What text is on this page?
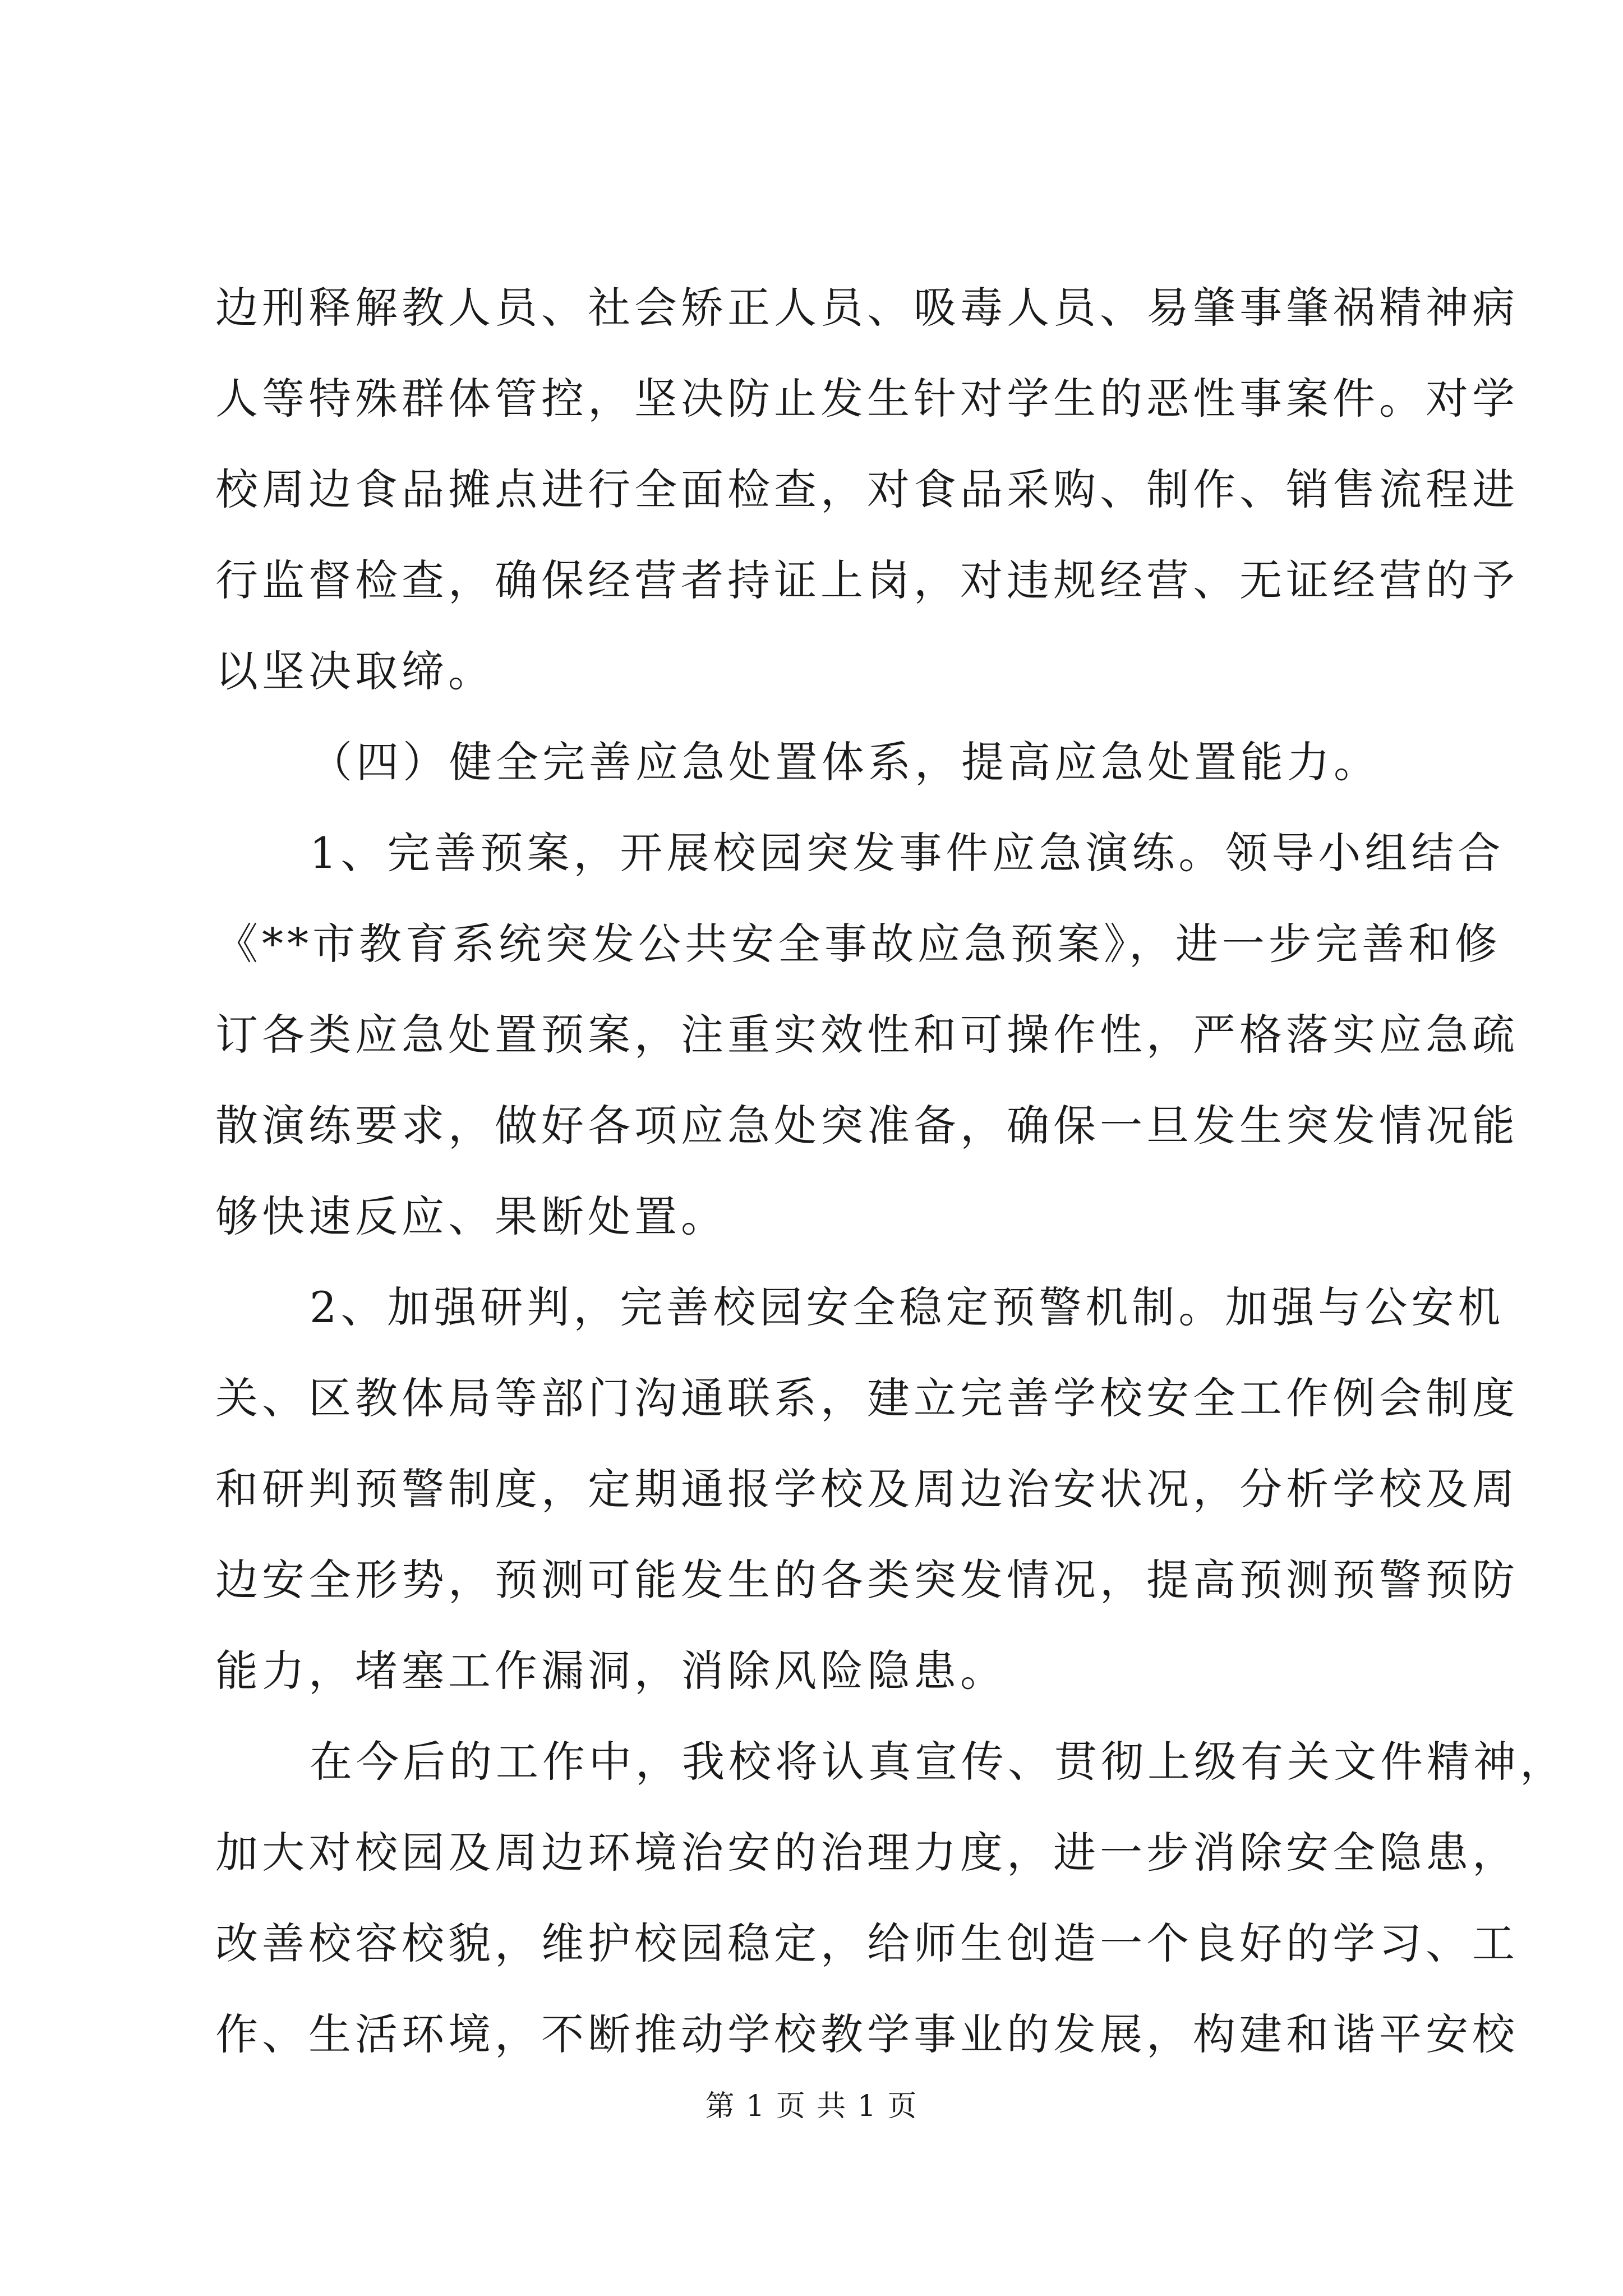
边刑释解教人员、社会矫正人员、吸毒人员、易肇事肇祸精神病
人等特殊群体管控，坚决防止发生针对学生的恶性事案件。对学
校周边食品摊点进行全面检查，对食品采购、制作、销售流程进
行监督检查，确保经营者持证上岗，对违规经营、无证经营的予
以坚决取缔。

（四）健全完善应急处置体系，提高应急处置能力。

1、完善预案，开展校园突发事件应急演练。领导小组结合
《**市教育系统突发公共安全事故应急预案》，进一步完善和修
订各类应急处置预案，注重实效性和可操作性，严格落实应急疏
散演练要求，做好各项应急处突准备，确保一旦发生突发情况能
够快速反应、果断处置。

2、加强研判，完善校园安全稳定预警机制。加强与公安机
关、区教体局等部门沟通联系，建立完善学校安全工作例会制度
和研判预警制度，定期通报学校及周边治安状况，分析学校及周
边安全形势，预测可能发生的各类突发情况，提高预测预警预防
能力，堵塞工作漏洞，消除风险隐患。

在今后的工作中，我校将认真宣传、贯彻上级有关文件精神，
加大对校园及周边环境治安的治理力度，进一步消除安全隐患，
改善校容校貌，维护校园稳定，给师生创造一个良好的学习、工
作、生活环境，不断推动学校教学事业的发展，构建和谐平安校

第 1 页 共 1 页
